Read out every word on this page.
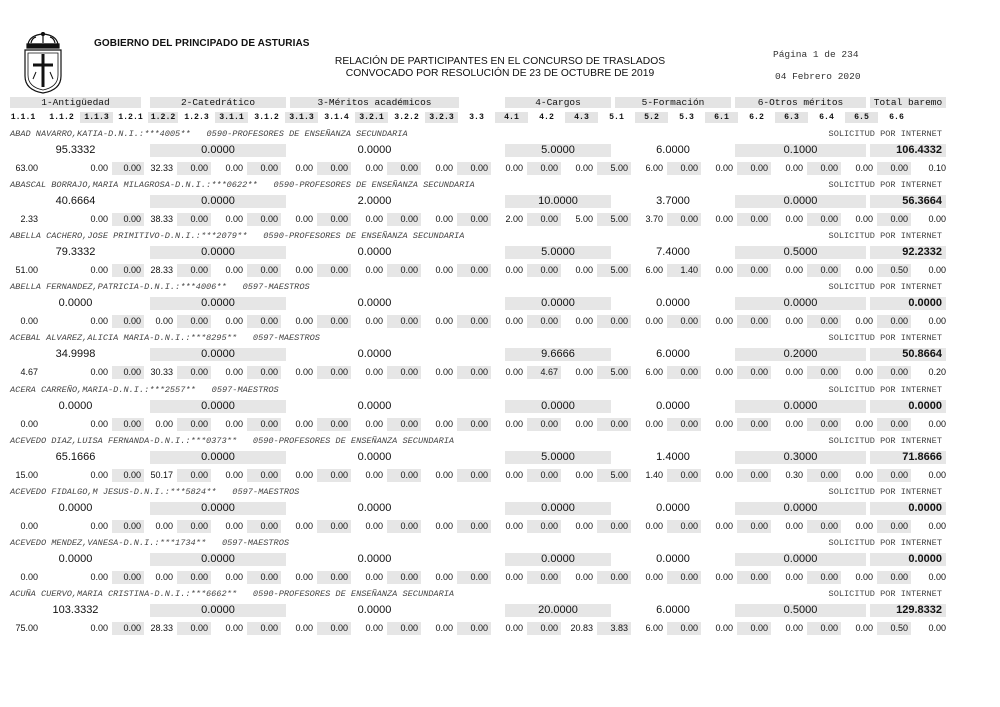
GOBIERNO DEL PRINCIPADO DE ASTURIAS
RELACIÓN DE PARTICIPANTES EN EL CONCURSO DE TRASLADOS
CONVOCADO POR RESOLUCIÓN DE 23 DE OCTUBRE DE 2019
Página 1 de 234
04 Febrero 2020
1-Antigüedad	2-Catedrático	3-Méritos académicos	4-Cargos	5-Formación	6-Otros méritos	Total baremo
1.1.1	1.1.2	1.1.3	1.2.1 1.2.2	1.2.3	3.1.1	3.1.2	3.1.3	3.1.4	3.2.1	3.2.2	3.2.3	3.3	4.1	4.2	4.3	5.1	5.2	5.3	6.1	6.2	6.3	6.4	6.5	6.6
ABAD NAVARRO,KATIA-D.N.I.:***4005** 0590-PROFESORES DE ENSEÑANZA SECUNDARIA	SOLICITUD POR INTERNET
95.3332	0.0000	0.0000	5.0000	6.0000	0.1000	106.4332
63.00	0.00	0.00	32.33	0.00	0.00	0.00	0.00	0.00	0.00	0.00	0.00	0.00	0.00	0.00	0.00	5.00	6.00	0.00	0.00	0.00	0.00	0.00	0.00	0.00	0.10
ABASCAL BORRAJO,MARIA MILAGROSA-D.N.I.:***0622** 0590-PROFESORES DE ENSEÑANZA SECUNDARIA	SOLICITUD POR INTERNET
40.6664	0.0000	2.0000	10.0000	3.7000	0.0000	56.3664
2.33	0.00	0.00	38.33	0.00	0.00	0.00	0.00	0.00	0.00	0.00	0.00	0.00	2.00	0.00	5.00	5.00	3.70	0.00	0.00	0.00	0.00	0.00	0.00	0.00	0.00
ABELLA CACHERO,JOSE PRIMITIVO-D.N.I.:***2079** 0590-PROFESORES DE ENSEÑANZA SECUNDARIA	SOLICITUD POR INTERNET
79.3332	0.0000	0.0000	5.0000	7.4000	0.5000	92.2332
51.00	0.00	0.00	28.33	0.00	0.00	0.00	0.00	0.00	0.00	0.00	0.00	0.00	0.00	0.00	0.00	5.00	6.00	1.40	0.00	0.00	0.00	0.00	0.00	0.50	0.00
ABELLA FERNANDEZ,PATRICIA-D.N.I.:***4006** 0597-MAESTROS	SOLICITUD POR INTERNET
0.0000	0.0000	0.0000	0.0000	0.0000	0.0000	0.0000
0.00	0.00	0.00	0.00	0.00	0.00	0.00	0.00	0.00	0.00	0.00	0.00	0.00	0.00	0.00	0.00	0.00	0.00	0.00	0.00	0.00	0.00	0.00	0.00	0.00	0.00
ACEBAL ALVAREZ,ALICIA MARIA-D.N.I.:***8295** 0597-MAESTROS	SOLICITUD POR INTERNET
34.9998	0.0000	0.0000	9.6666	6.0000	0.2000	50.8664
4.67	0.00	0.00	30.33	0.00	0.00	0.00	0.00	0.00	0.00	0.00	0.00	0.00	0.00	4.67	0.00	5.00	6.00	0.00	0.00	0.00	0.00	0.00	0.00	0.00	0.20
ACERA CARREÑO,MARIA-D.N.I.:***2557** 0597-MAESTROS	SOLICITUD POR INTERNET
0.0000	0.0000	0.0000	0.0000	0.0000	0.0000	0.0000
0.00	0.00	0.00	0.00	0.00	0.00	0.00	0.00	0.00	0.00	0.00	0.00	0.00	0.00	0.00	0.00	0.00	0.00	0.00	0.00	0.00	0.00	0.00	0.00	0.00	0.00
ACEVEDO DIAZ,LUISA FERNANDA-D.N.I.:***0373** 0590-PROFESORES DE ENSEÑANZA SECUNDARIA	SOLICITUD POR INTERNET
65.1666	0.0000	0.0000	5.0000	1.4000	0.3000	71.8666
15.00	0.00	0.00	50.17	0.00	0.00	0.00	0.00	0.00	0.00	0.00	0.00	0.00	0.00	0.00	0.00	5.00	1.40	0.00	0.00	0.00	0.30	0.00	0.00	0.00	0.00
ACEVEDO FIDALGO,M JESUS-D.N.I.:***5824** 0597-MAESTROS	SOLICITUD POR INTERNET
0.0000	0.0000	0.0000	0.0000	0.0000	0.0000	0.0000
0.00	0.00	0.00	0.00	0.00	0.00	0.00	0.00	0.00	0.00	0.00	0.00	0.00	0.00	0.00	0.00	0.00	0.00	0.00	0.00	0.00	0.00	0.00	0.00	0.00	0.00
ACEVEDO MENDEZ,VANESA-D.N.I.:***1734** 0597-MAESTROS	SOLICITUD POR INTERNET
0.0000	0.0000	0.0000	0.0000	0.0000	0.0000	0.0000
0.00	0.00	0.00	0.00	0.00	0.00	0.00	0.00	0.00	0.00	0.00	0.00	0.00	0.00	0.00	0.00	0.00	0.00	0.00	0.00	0.00	0.00	0.00	0.00	0.00	0.00
ACUÑA CUERVO,MARIA CRISTINA-D.N.I.:***6662** 0590-PROFESORES DE ENSEÑANZA SECUNDARIA	SOLICITUD POR INTERNET
103.3332	0.0000	0.0000	20.0000	6.0000	0.5000	129.8332
75.00	0.00	0.00	28.33	0.00	0.00	0.00	0.00	0.00	0.00	0.00	0.00	0.00	0.00	0.00	20.83	3.83	6.00	0.00	0.00	0.00	0.00	0.00	0.00	0.50	0.00
